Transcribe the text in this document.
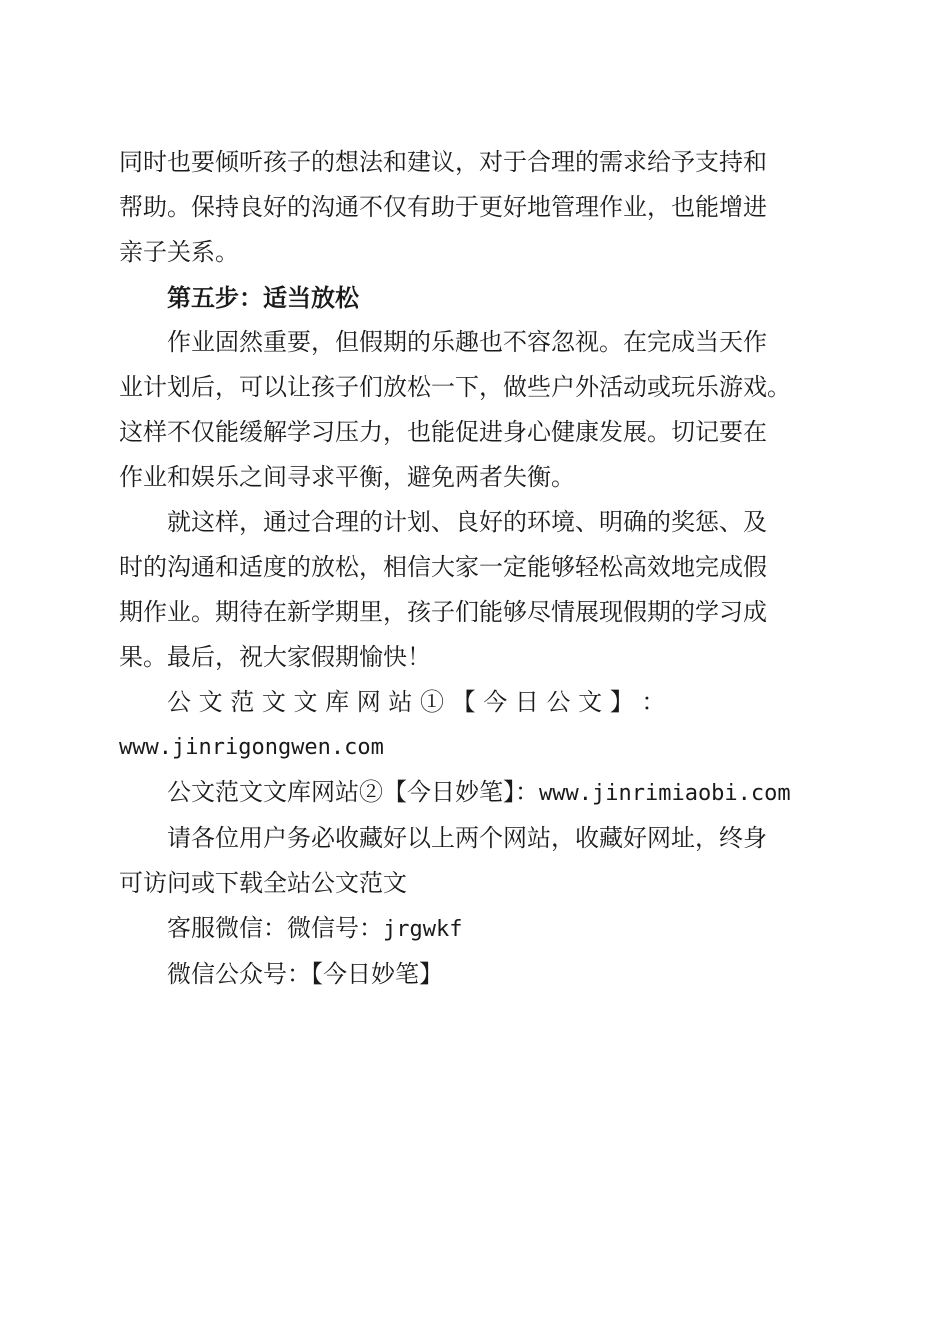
同时也要倾听孩子的想法和建议，对于合理的需求给予支持和
帮助。保持良好的沟通不仅有助于更好地管理作业，也能增进
亲子关系。
第五步：适当放松
作业固然重要，但假期的乐趣也不容忽视。在完成当天作
业计划后，可以让孩子们放松一下，做些户外活动或玩乐游戏。
这样不仅能缓解学习压力，也能促进身心健康发展。切记要在
作业和娱乐之间寻求平衡，避免两者失衡。
就这样，通过合理的计划、良好的环境、明确的奖惩、及
时的沟通和适度的放松，相信大家一定能够轻松高效地完成假
期作业。期待在新学期里，孩子们能够尽情展现假期的学习成
果。最后，祝大家假期愉快！
公 文 范 文 文 库 网 站 ① 【 今 日 公 文 】 ：
www.jinrigongwen.com
公文范文文库网站②【今日妙笔】：www.jinrimiaobi.com
请各位用户务必收藏好以上两个网站，收藏好网址，终身
可访问或下载全站公文范文
客服微信：微信号：jrgwkf
微信公众号：【今日妙笔】
